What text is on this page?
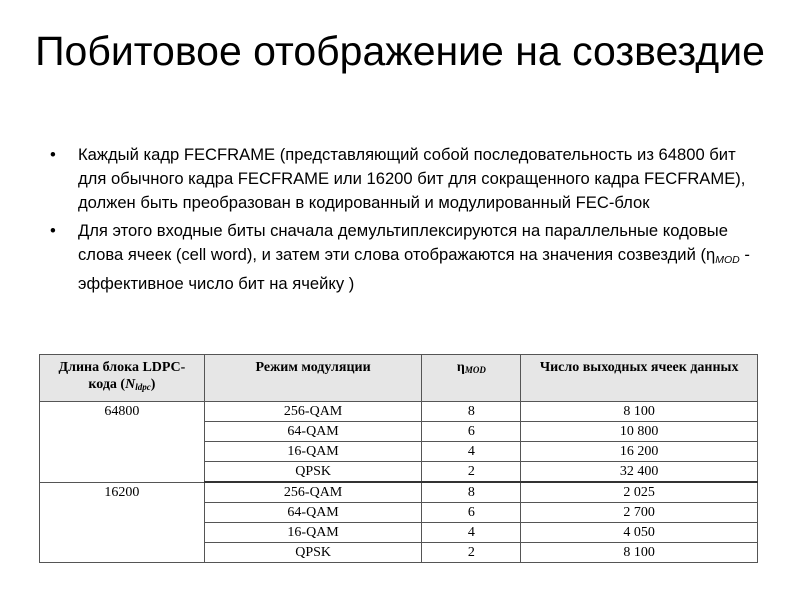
Побитовое отображение на созвездие
• Каждый кадр FECFRAME (представляющий собой последовательность из 64800 бит для обычного кадра FECFRAME или 16200 бит для сокращенного кадра FECFRAME), должен быть преобразован в кодированный и модулированный FEC-блок
• Для этого входные биты сначала демультиплексируются на параллельные кодовые слова ячеек (cell word), и затем эти слова отображаются на значения созвездий ($\eta_{MOD}$ - эффективное число бит на ячейку )
Длина блока LDPC-
кода (Nldpc)	Режим модуляции	ηMOD	Число выходных ячеек данных
64800	256-QAM	8	8 100
	64-QAM	6	10 800
	16-QAM	4	16 200
	QPSK	2	32 400
16200	256-QAM	8	2 025
	64-QAM	6	2 700
	16-QAM	4	4 050
	QPSK	2	8 100
